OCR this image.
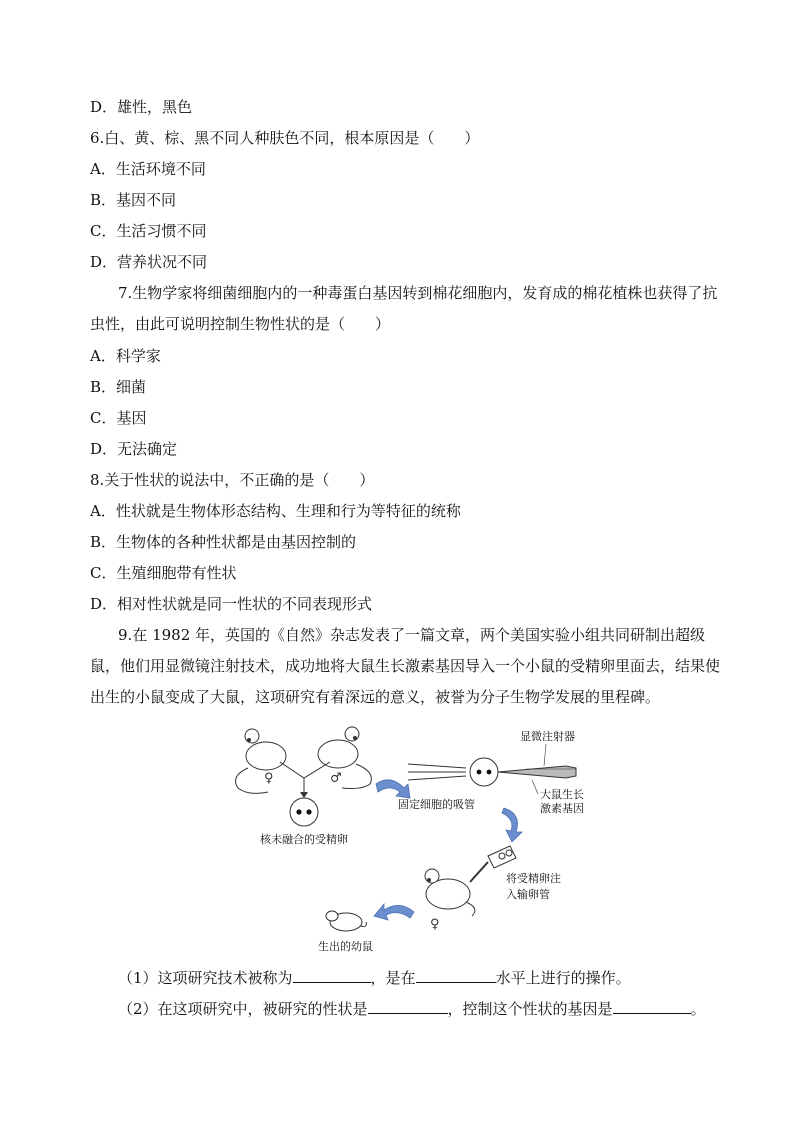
D．雄性，黑色
6.白、黄、棕、黑不同人种肤色不同，根本原因是（　　）
A．生活环境不同
B．基因不同
C．生活习惯不同
D．营养状况不同
7.生物学家将细菌细胞内的一种毒蛋白基因转到棉花细胞内，发育成的棉花植株也获得了抗虫性，由此可说明控制生物性状的是（　　）
A．科学家
B．细菌
C．基因
D．无法确定
8.关于性状的说法中，不正确的是（　　）
A．性状就是生物体形态结构、生理和行为等特征的统称
B．生物体的各种性状都是由基因控制的
C．生殖细胞带有性状
D．相对性状就是同一性状的不同表现形式
9.在 1982 年，英国的《自然》杂志发表了一篇文章，两个美国实验小组共同研制出超级鼠，他们用显微镜注射技术，成功地将大鼠生长激素基因导入一个小鼠的受精卵里面去，结果使出生的小鼠变成了大鼠，这项研究有着深远的意义，被誉为分子生物学发展的里程碑。
♀	♂
核未融合的受精卵
固定细胞的吸管
显微注射器
大鼠生长
激素基因
将受精卵注
入输卵管
♀
生出的幼鼠
（1）这项研究技术被称为	，是在	水平上进行的操作。
（2）在这项研究中，被研究的性状是	，控制这个性状的基因是	。
